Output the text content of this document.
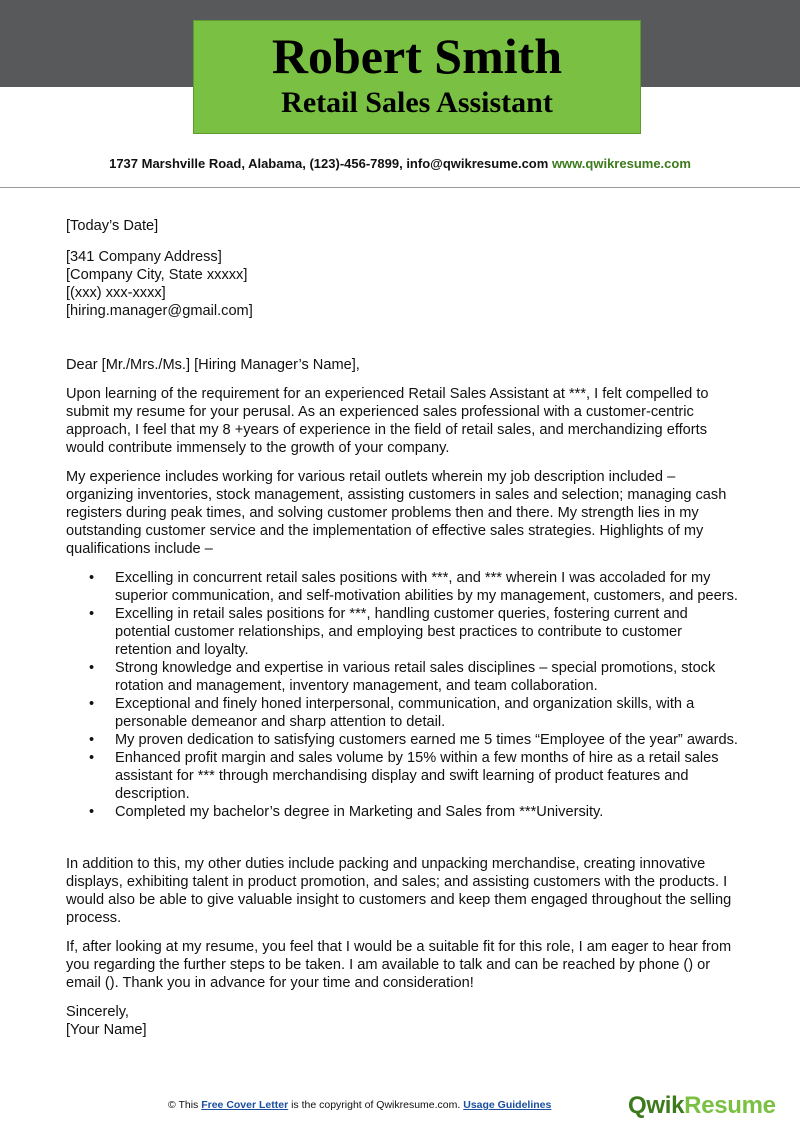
Robert Smith
Retail Sales Assistant
1737 Marshville Road, Alabama, (123)-456-7899, info@qwikresume.com www.qwikresume.com

[Today’s Date]

[341 Company Address]

[Company City, State xxxxx]

[(xxx) xxx-xxxx]

[hiring.manager@gmail.com]

Dear [Mr./Mrs./Ms.] [Hiring Manager’s Name],

Upon learning of the requirement for an experienced Retail Sales Assistant at ***, I felt compelled to submit my resume for your perusal. As an experienced sales professional with a customer-centric approach, I feel that my 8 +years of experience in the field of retail sales, and merchandizing efforts would contribute immensely to the growth of your company.

My experience includes working for various retail outlets wherein my job description included – organizing inventories, stock management, assisting customers in sales and selection; managing cash registers during peak times, and solving customer problems then and there. My strength lies in my outstanding customer service and the implementation of effective sales strategies. Highlights of my qualifications include –

• Excelling in concurrent retail sales positions with ***, and *** wherein I was accoladed for my superior communication, and self-motivation abilities by my management, customers, and peers.
• Excelling in retail sales positions for ***, handling customer queries, fostering current and potential customer relationships, and employing best practices to contribute to customer retention and loyalty.
• Strong knowledge and expertise in various retail sales disciplines – special promotions, stock rotation and management, inventory management, and team collaboration.
• Exceptional and finely honed interpersonal, communication, and organization skills, with a personable demeanor and sharp attention to detail.
• My proven dedication to satisfying customers earned me 5 times “Employee of the year” awards.
• Enhanced profit margin and sales volume by 15% within a few months of hire as a retail sales assistant for *** through merchandising display and swift learning of product features and description.
• Completed my bachelor’s degree in Marketing and Sales from ***University.

In addition to this, my other duties include packing and unpacking merchandise, creating innovative displays, exhibiting talent in product promotion, and sales; and assisting customers with the products. I would also be able to give valuable insight to customers and keep them engaged throughout the selling process.

If, after looking at my resume, you feel that I would be a suitable fit for this role, I am eager to hear from you regarding the further steps to be taken. I am available to talk and can be reached by phone () or email (). Thank you in advance for your time and consideration!

Sincerely,

[Your Name]

© This Free Cover Letter is the copyright of Qwikresume.com. Usage Guidelines	QwikResume
